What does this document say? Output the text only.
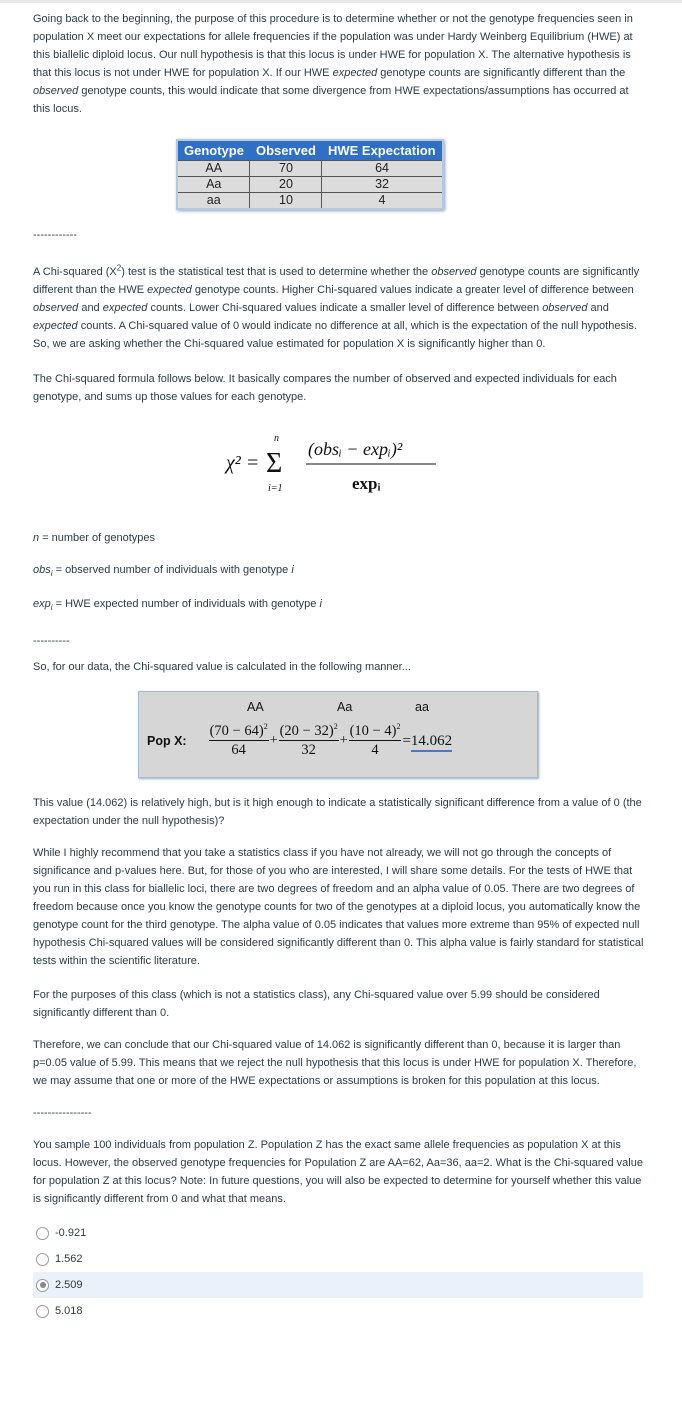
Going back to the beginning, the purpose of this procedure is to determine whether or not the genotype frequencies seen in population X meet our expectations for allele frequencies if the population was under Hardy Weinberg Equilibrium (HWE) at this biallelic diploid locus. Our null hypothesis is that this locus is under HWE for population X. The alternative hypothesis is that this locus is not under HWE for population X. If our HWE expected genotype counts are significantly different than the observed genotype counts, this would indicate that some divergence from HWE expectations/assumptions has occurred at this locus.

Genotype	Observed	HWE Expectation
AA	70	64
Aa	20	32
aa	10	4
------------

A Chi-squared $(X^2)$ test is the statistical test that is used to determine whether the observed genotype counts are significantly different than the HWE expected genotype counts. Higher Chi-squared values indicate a greater level of difference between observed and expected counts. Lower Chi-squared values indicate a smaller level of difference between observed and expected counts. A Chi-squared value of 0 would indicate no difference at all, which is the expectation of the null hypothesis. So, we are asking whether the Chi-squared value estimated for population X is significantly higher than 0.

The Chi-squared formula follows below. It basically compares the number of observed and expected individuals for each genotype, and sums up those values for each genotype.

χ² =
n
Σ
i=1
(obsᵢ − expᵢ)²
expᵢ
n = number of genotypes
obs$_i$ = observed number of individuals with genotype i
$\exp_i$ = HWE expected number of individuals with genotype i
----------

So, for our data, the Chi-squared value is calculated in the following manner...

AA	Aa	aa
Pop X: $\frac{(70 - 64)^2}{64} + \frac{(20 - 32)^2}{32} + \frac{(10 - 4)^2}{4} =14.062$

This value (14.062) is relatively high, but is it high enough to indicate a statistically significant difference from a value of 0 (the expectation under the null hypothesis)?

While I highly recommend that you take a statistics class if you have not already, we will not go through the concepts of significance and p-values here. But, for those of you who are interested, I will share some details. For the tests of HWE that you run in this class for biallelic loci, there are two degrees of freedom and an alpha value of 0.05. There are two degrees of freedom because once you know the genotype counts for two of the genotypes at a diploid locus, you automatically know the genotype count for the third genotype. The alpha value of 0.05 indicates that values more extreme than 95% of expected null hypothesis Chi-squared values will be considered significantly different than 0. This alpha value is fairly standard for statistical tests within the scientific literature.

For the purposes of this class (which is not a statistics class), any Chi-squared value over 5.99 should be considered significantly different than 0.

Therefore, we can conclude that our Chi-squared value of 14.062 is significantly different than 0, because it is larger than p=0.05 value of 5.99. This means that we reject the null hypothesis that this locus is under HWE for population X. Therefore, we may assume that one or more of the HWE expectations or assumptions is broken for this population at this locus.

----------------

You sample 100 individuals from population Z. Population Z has the exact same allele frequencies as population X at this locus. However, the observed genotype frequencies for Population Z are AA=62, Aa=36, aa=2. What is the Chi-squared value for population Z at this locus? Note: In future questions, you will also be expected to determine for yourself whether this value is significantly different from 0 and what that means.

-0.921
1.562
2.509
5.018
